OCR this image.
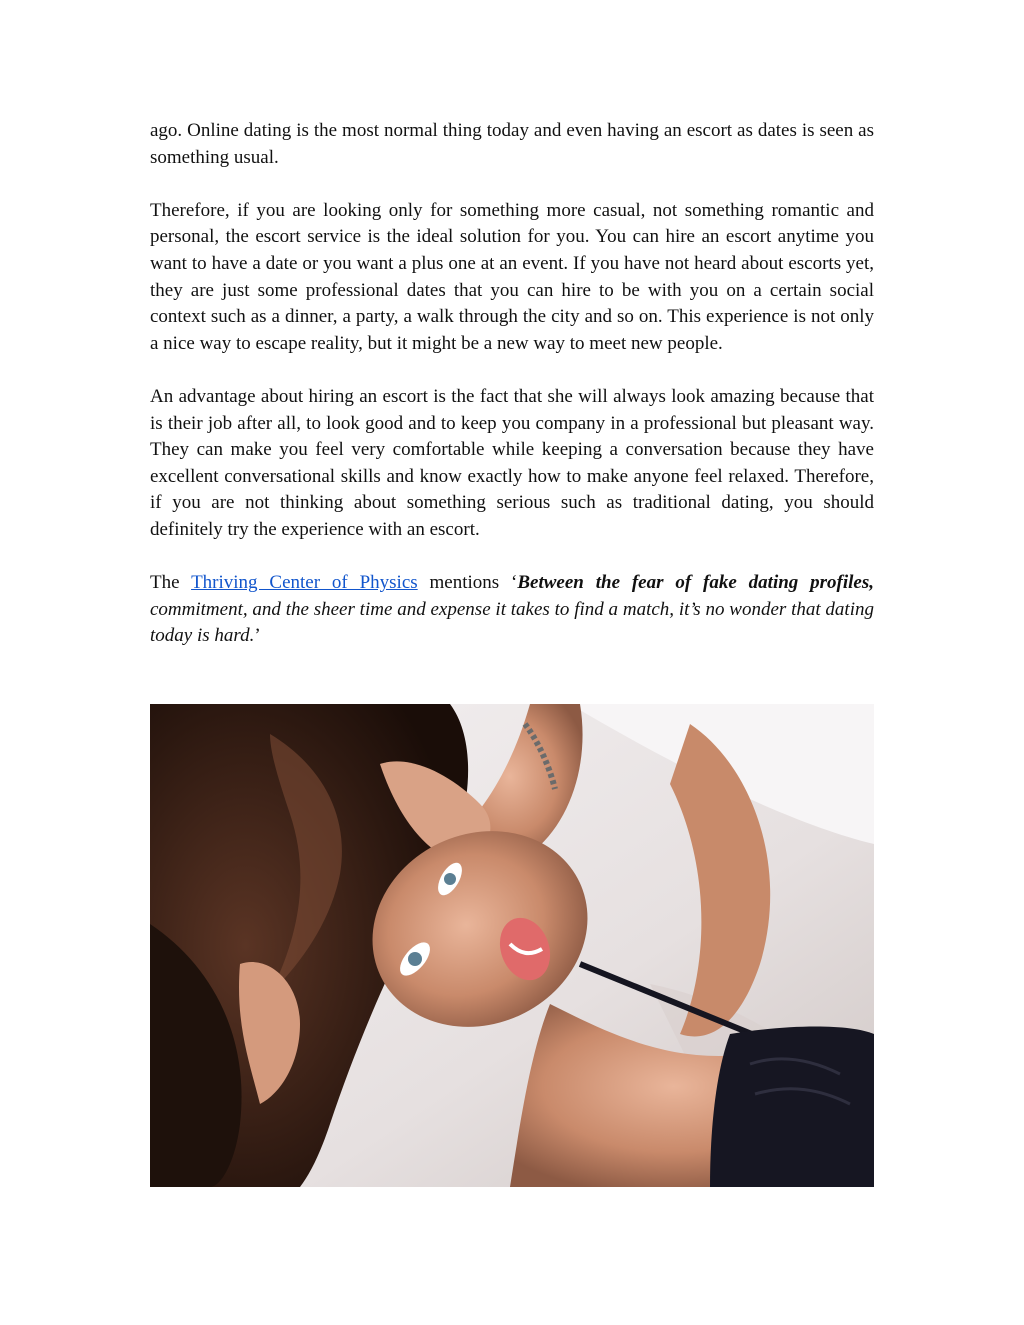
ago. Online dating is the most normal thing today and even having an escort as dates is seen as something usual.

Therefore, if you are looking only for something more casual, not something romantic and personal, the escort service is the ideal solution for you. You can hire an escort anytime you want to have a date or you want a plus one at an event. If you have not heard about escorts yet, they are just some professional dates that you can hire to be with you on a certain social context such as a dinner, a party, a walk through the city and so on. This experience is not only a nice way to escape reality, but it might be a new way to meet new people.

An advantage about hiring an escort is the fact that she will always look amazing because that is their job after all, to look good and to keep you company in a professional but pleasant way. They can make you feel very comfortable while keeping a conversation because they have excellent conversational skills and know exactly how to make anyone feel relaxed. Therefore, if you are not thinking about something serious such as traditional dating, you should definitely try the experience with an escort.

The Thriving Center of Physics mentions ‘Between the fear of fake dating profiles, commitment, and the sheer time and expense it takes to find a match, it’s no wonder that dating today is hard.’
